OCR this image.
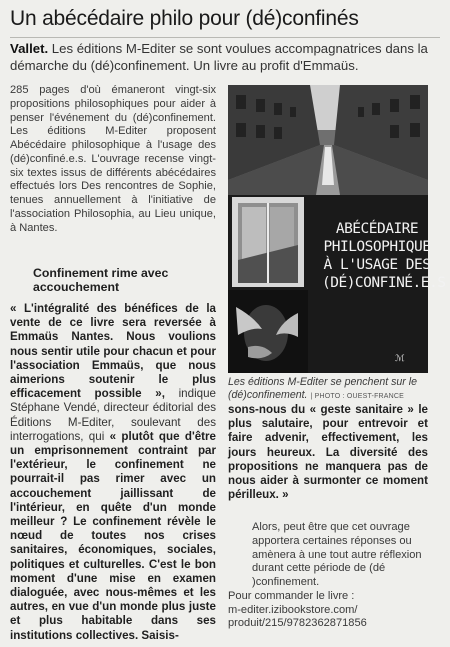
Un abécédaire philo pour (dé)confinés
Vallet. Les éditions M-Editer se sont voulues accompagnatrices dans la démarche du (dé)confinement. Un livre au profit d'Emmaüs.

285 pages d'où émaneront vingt-six propositions philosophiques pour aider à penser l'événement du (dé)confinement. Les éditions M-Editer proposent Abécédaire philosophique à l'usage des (dé)confiné.e.s. L'ouvrage recense vingt-six textes issus de différents abécédaires effectués lors Des rencontres de Sophie, tenues annuellement à l'initiative de l'association Philosophia, au Lieu unique, à Nantes.

Confinement rime avec accouchement

« L'intégralité des bénéfices de la vente de ce livre sera reversée à Emmaüs Nantes. Nous voulions nous sentir utile pour chacun et pour l'association Emmaüs, que nous aimerions soutenir le plus efficacement possible », indique Stéphane Vendé, directeur éditorial des Éditions M-Editer, soulevant des interrogations, qui « plutôt que d'être un emprisonnement contraint par l'extérieur, le confinement ne pourrait-il pas rimer avec un accouchement jaillissant de l'intérieur, en quête d'un monde meilleur ? Le confinement révèle le nœud de toutes nos crises sanitaires, économiques, sociales, politiques et culturelles. C'est le bon moment d'une mise en examen dialoguée, avec nous-mêmes et les autres, en vue d'un monde plus juste et plus habitable dans ses institutions collectives. Saisis-

ABÉCÉDAIRE PHILOSOPHIQUE À L'USAGE DES (DÉ)CONFINÉ.E.S
ℳ
Les éditions M-Editer se penchent sur le (dé)confinement. | PHOTO : OUEST-FRANCE

sons-nous du « geste sanitaire » le plus salutaire, pour entrevoir et faire advenir, effectivement, les jours heureux. La diversité des propositions ne manquera pas de nous aider à surmonter ce moment périlleux. »

Alors, peut être que cet ouvrage apportera certaines réponses ou amènera à une tout autre réflexion durant cette période de (dé )confinement.

Pour commander le livre :

m-editer.izibookstore.com/

produit/215/9782362871856
